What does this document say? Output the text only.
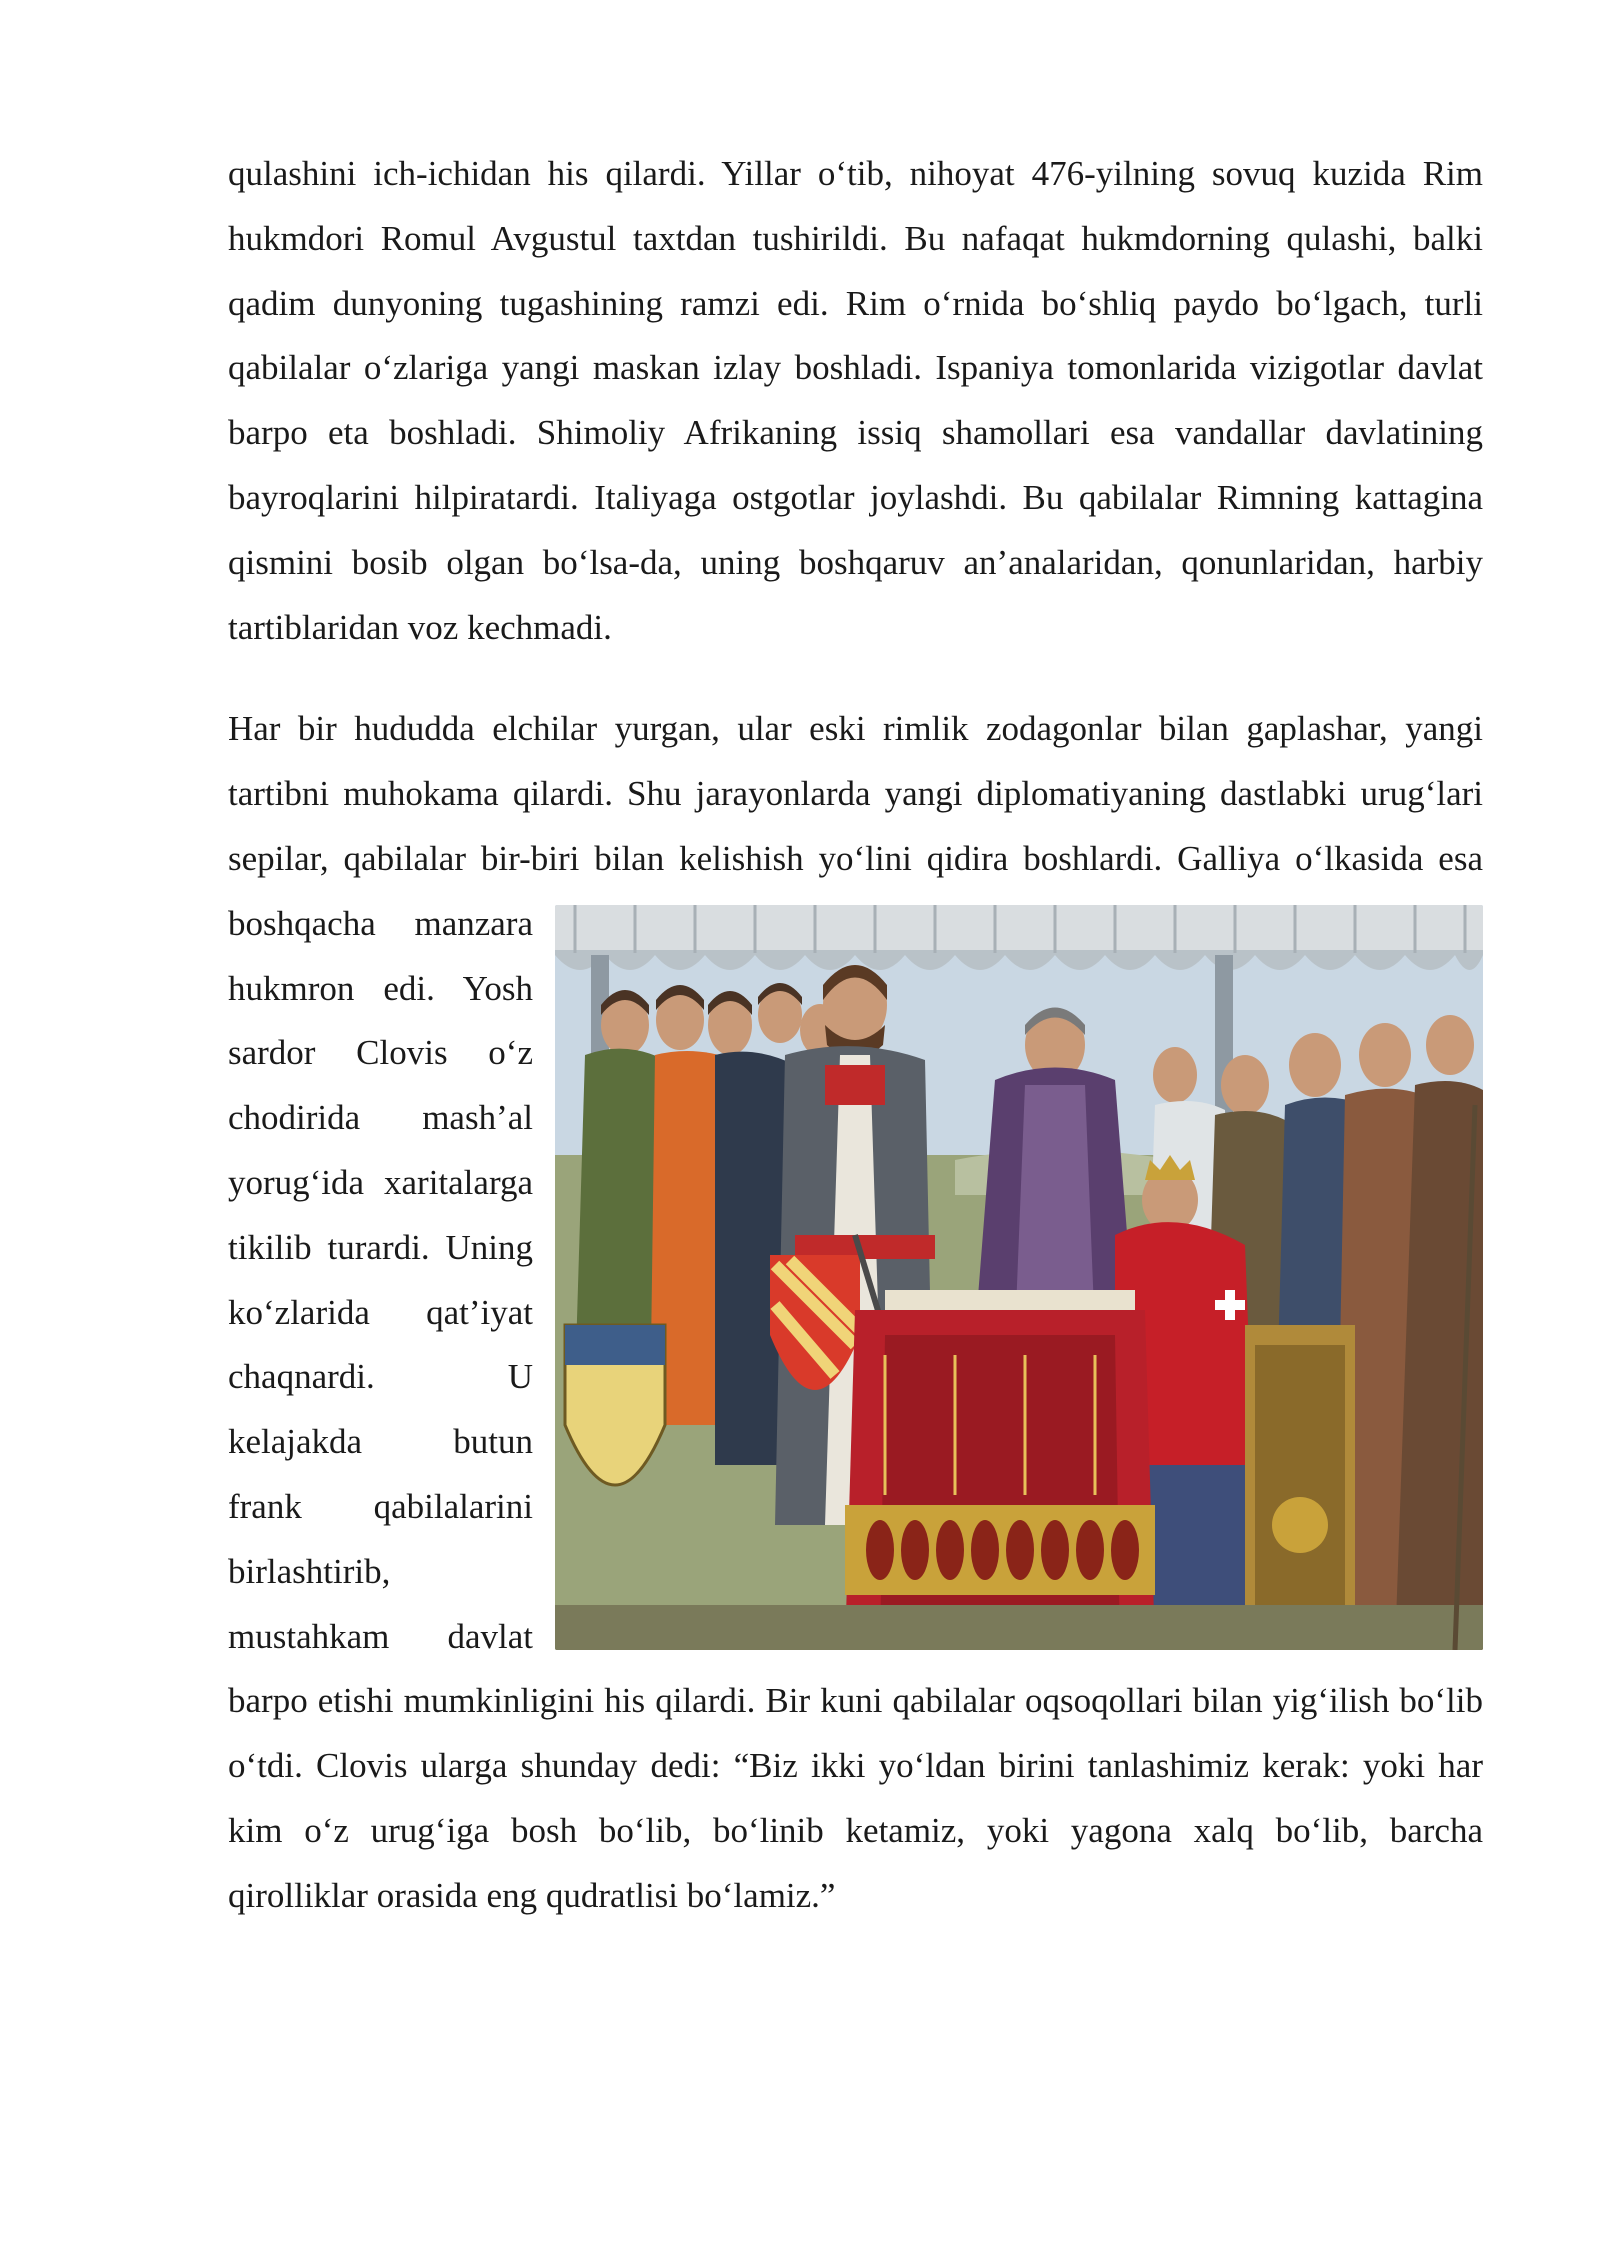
qulashini ich-ichidan his qilardi. Yillar o‘tib, nihoyat 476-yilning sovuq kuzida Rim hukmdori Romul Avgustul taxtdan tushirildi. Bu nafaqat hukmdorning qulashi, balki qadim dunyoning tugashining ramzi edi. Rim o‘rnida bo‘shliq paydo bo‘lgach, turli qabilalar o‘zlariga yangi maskan izlay boshladi. Ispaniya tomonlarida vizigotlar davlat barpo eta boshladi. Shimoliy Afrikaning issiq shamollari esa vandallar davlatining bayroqlarini hilpiratardi. Italiyaga ostgotlar joylashdi. Bu qabilalar Rimning kattagina qismini bosib olgan bo‘lsa-da, uning boshqaruv an’analaridan, qonunlaridan, harbiy tartiblaridan voz kechmadi.

Har bir hududda elchilar yurgan, ular eski rimlik zodagonlar bilan gaplashar, yangi tartibni muhokama qilardi. Shu jarayonlarda yangi diplomatiyaning dastlabki urug‘lari sepilar, qabilalar bir-biri bilan kelishish yo‘lini qidira boshlardi.
Galliya o‘lkasida esa boshqacha manzara hukmron edi. Yosh sardor Clovis o‘z chodirida mash’al yorug‘ida xaritalarga tikilib turardi. Uning ko‘zlarida qat’iyat chaqnardi. U kelajakda butun frank qabilalarini birlashtirib, mustahkam davlat barpo etishi mumkinligini his qilardi. Bir kuni qabilalar oqsoqollari bilan yig‘ilish bo‘lib o‘tdi. Clovis ularga shunday dedi: “Biz ikki yo‘ldan birini tanlashimiz kerak: yoki har kim o‘z urug‘iga bosh bo‘lib, bo‘linib ketamiz, yoki yagona xalq bo‘lib, barcha qirolliklar orasida eng qudratlisi bo‘lamiz.”
